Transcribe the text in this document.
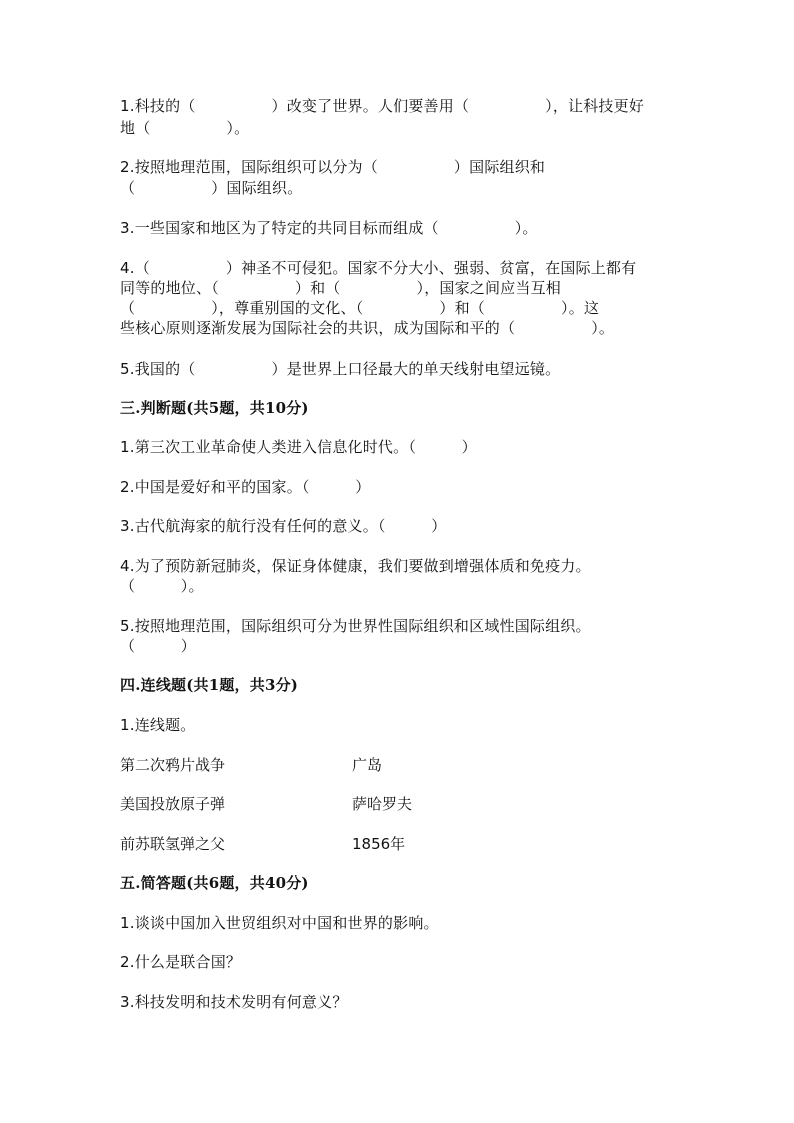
1.科技的（　　　　　）改变了世界。人们要善用（　　　　　），让科技更好

地（　　　　　）。

2.按照地理范围，国际组织可以分为（　　　　　）国际组织和

（　　　　　）国际组织。

3.一些国家和地区为了特定的共同目标而组成（　　　　　）。

4.（　　　　　）神圣不可侵犯。国家不分大小、强弱、贫富，在国际上都有

同等的地位、（　　　　　）和（　　　　　），国家之间应当互相

（　　　　　），尊重别国的文化、（　　　　　）和（　　　　　）。这

些核心原则逐渐发展为国际社会的共识，成为国际和平的（　　　　　）。

5.我国的（　　　　　）是世界上口径最大的单天线射电望远镜。

三.判断题(共5题，共10分)

1.第三次工业革命使人类进入信息化时代。（　　　）

2.中国是爱好和平的国家。（　　　）

3.古代航海家的航行没有任何的意义。（　　　）

4.为了预防新冠肺炎，保证身体健康，我们要做到增强体质和免疫力。

（　　　）。

5.按照地理范围，国际组织可分为世界性国际组织和区域性国际组织。

（　　　）

四.连线题(共1题，共3分)

1.连线题。

第二次鸦片战争	广岛

美国投放原子弹	萨哈罗夫

前苏联氢弹之父	1856年

五.简答题(共6题，共40分)

1.谈谈中国加入世贸组织对中国和世界的影响。

2.什么是联合国？

3.科技发明和技术发明有何意义？
